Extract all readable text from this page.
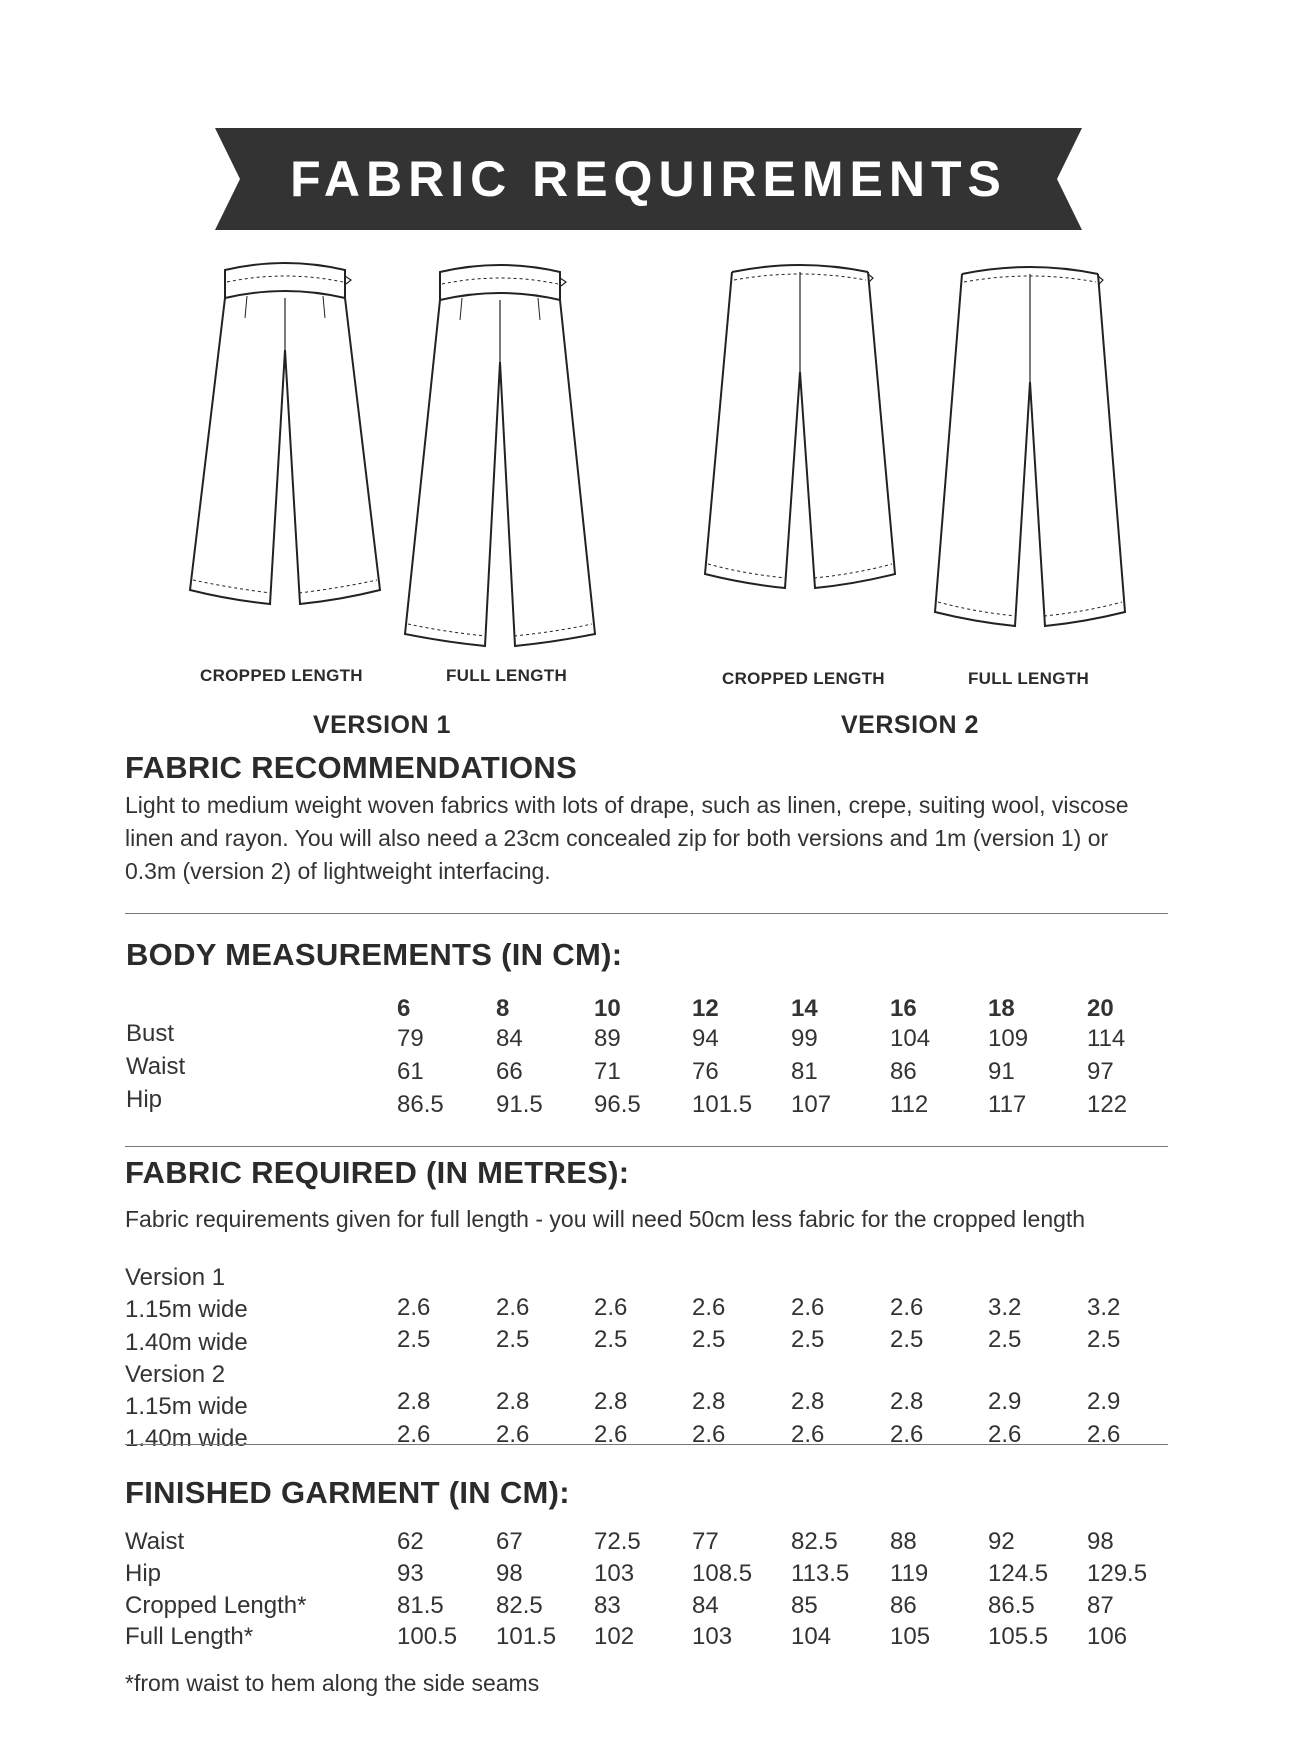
FABRIC REQUIREMENTS
CROPPED LENGTH	FULL LENGTH	CROPPED LENGTH	FULL LENGTH
VERSION 1	VERSION 2
FABRIC RECOMMENDATIONS
Light to medium weight woven fabrics with lots of drape, such as linen, crepe, suiting wool, viscose
linen and rayon. You will also need a 23cm concealed zip for both versions and 1m (version 1) or
0.3m (version 2) of lightweight interfacing.
BODY MEASUREMENTS (IN CM):
6	8	10	12	14	16	18	20
Bust	79	84	89	94	99	104 109 114
Waist	61	66	71	76	81	86	91	97
Hip	86.5 91.5 96.5 101.5 107 112 117	122
FABRIC REQUIRED (IN METRES):
Fabric requirements given for full length - you will need 50cm less fabric for the cropped length
Version 1
1.15m wide	2.6	2.6	2.6	2.6	2.6	2.6	3.2	3.2
1.40m wide	2.5	2.5	2.5	2.5	2.5	2.5	2.5	2.5
Version 2
1.15m wide	2.8	2.8	2.8	2.8	2.8	2.8	2.9	2.9
1.40m wide	2.6	2.6	2.6	2.6	2.6	2.6	2.6	2.6
FINISHED GARMENT (IN CM):
Waist	62	67	72.5 77	82.5 88	92	98
Hip	93	98	103 108.5 113.5 119 124.5 129.5
Cropped Length*	81.5 82.5 83	84	85	86	86.5 87
Full Length*	100.5 101.5 102 103 104 105 105.5 106
*from waist to hem along the side seams
